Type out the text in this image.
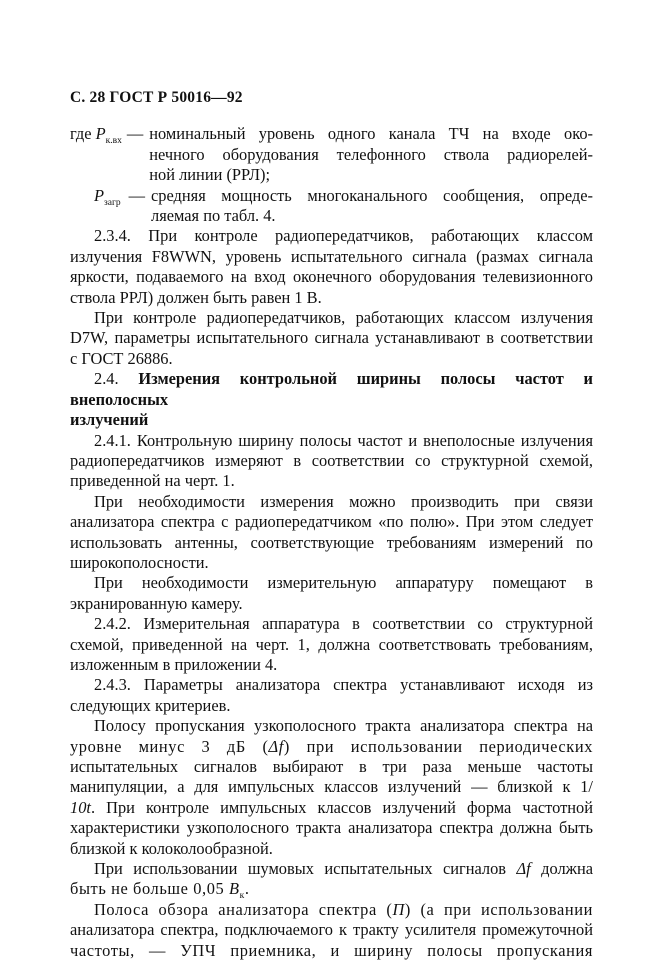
С. 28 ГОСТ Р 50016—92
где $P_{к.вх}$ — номинальный уровень одного канала ТЧ на входе око-
нечного оборудования телефонного ствола радиорелей-
ной линии (РРЛ);
$P_{загр}$ — средняя мощность многоканального сообщения, опреде-
ляемая по табл. 4.
2.3.4. При контроле радиопередатчиков, работающих классом
излучения F8WWN, уровень испытательного сигнала (размах сигнала
яркости, подаваемого на вход оконечного оборудования телевизионного
ствола РРЛ) должен быть равен 1 В.
При контроле радиопередатчиков, работающих классом излучения
D7W, параметры испытательного сигнала устанавливают в соответствии
с ГОСТ 26886.
2.4. Измерения контрольной ширины полосы частот и внеполосных
излучений
2.4.1. Контрольную ширину полосы частот и внеполосные излучения
радиопередатчиков измеряют в соответствии со структурной схемой,
приведенной на черт. 1.
При необходимости измерения можно производить при связи
анализатора спектра с радиопередатчиком «по полю». При этом следует
использовать антенны, соответствующие требованиям измерений по
широкополосности.
При необходимости измерительную аппаратуру помещают в
экранированную камеру.
2.4.2. Измерительная аппаратура в соответствии со структурной
схемой, приведенной на черт. 1, должна соответствовать требованиям,
изложенным в приложении 4.
2.4.3. Параметры анализатора спектра устанавливают исходя из
следующих критериев.
Полосу пропускания узкополосного тракта анализатора спектра на
уровне минус 3 дБ (Δf) при использовании периодических
испытательных сигналов выбирают в три раза меньше частоты
манипуляции, а для импульсных классов излучений — близкой к 1/
10t. При контроле импульсных классов излучений форма частотной
характеристики узкополосного тракта анализатора спектра должна быть
близкой к колоколообразной.
При использовании шумовых испытательных сигналов Δf должна
быть не больше 0,05 $B_к$.
Полоса обзора анализатора спектра (П) (а при использовании
анализатора спектра, подключаемого к тракту усилителя промежуточной
частоты, — УПЧ приемника, и ширину полосы пропускания
